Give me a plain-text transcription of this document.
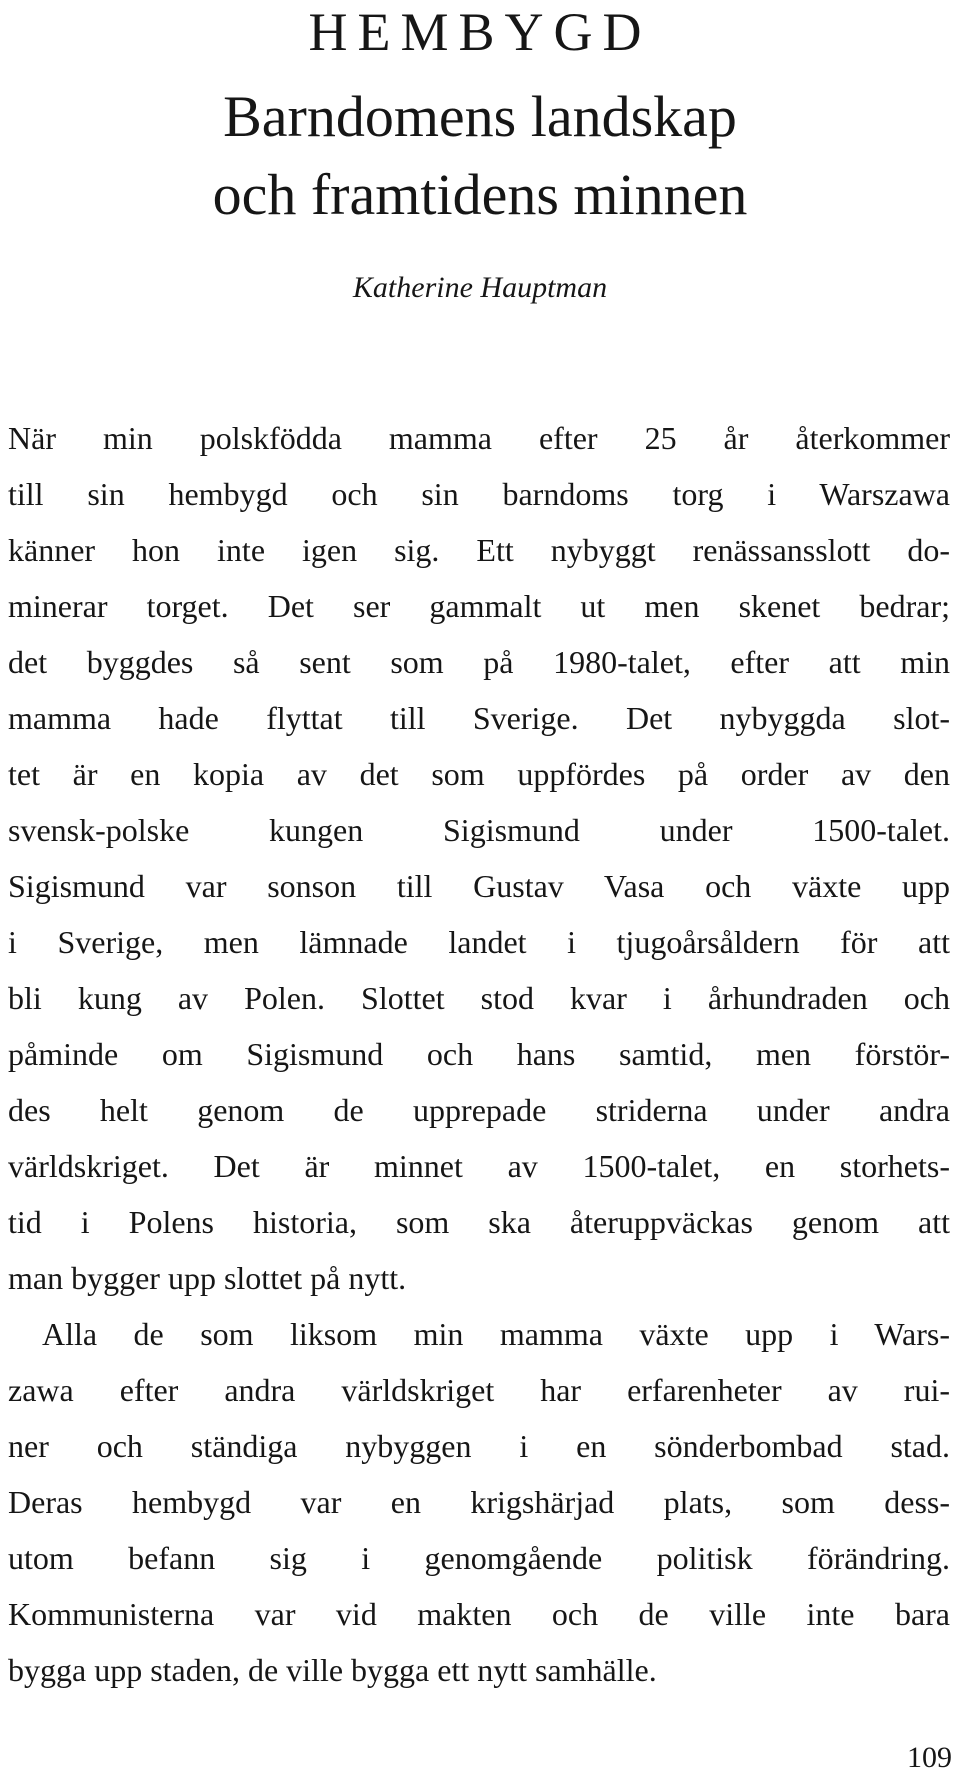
HEMBYGD
Barndomens landskap
och framtidens minnen
Katherine Hauptman
När min polskfödda mamma efter 25 år återkommer
till sin hembygd och sin barndoms torg i Warszawa
känner hon inte igen sig. Ett nybyggt renässansslott do-
minerar torget. Det ser gammalt ut men skenet bedrar;
det byggdes så sent som på 1980-talet, efter att min
mamma hade flyttat till Sverige. Det nybyggda slot-
tet är en kopia av det som uppfördes på order av den
svensk-polske kungen Sigismund under 1500-talet.
Sigismund var sonson till Gustav Vasa och växte upp
i Sverige, men lämnade landet i tjugoårsåldern för att
bli kung av Polen. Slottet stod kvar i århundraden och
påminde om Sigismund och hans samtid, men förstör-
des helt genom de upprepade striderna under andra
världskriget. Det är minnet av 1500-talet, en storhets-
tid i Polens historia, som ska återuppväckas genom att
man bygger upp slottet på nytt.
Alla de som liksom min mamma växte upp i Wars-
zawa efter andra världskriget har erfarenheter av rui-
ner och ständiga nybyggen i en sönderbombad stad.
Deras hembygd var en krigshärjad plats, som dess-
utom befann sig i genomgående politisk förändring.
Kommunisterna var vid makten och de ville inte bara
bygga upp staden, de ville bygga ett nytt samhälle.
109
